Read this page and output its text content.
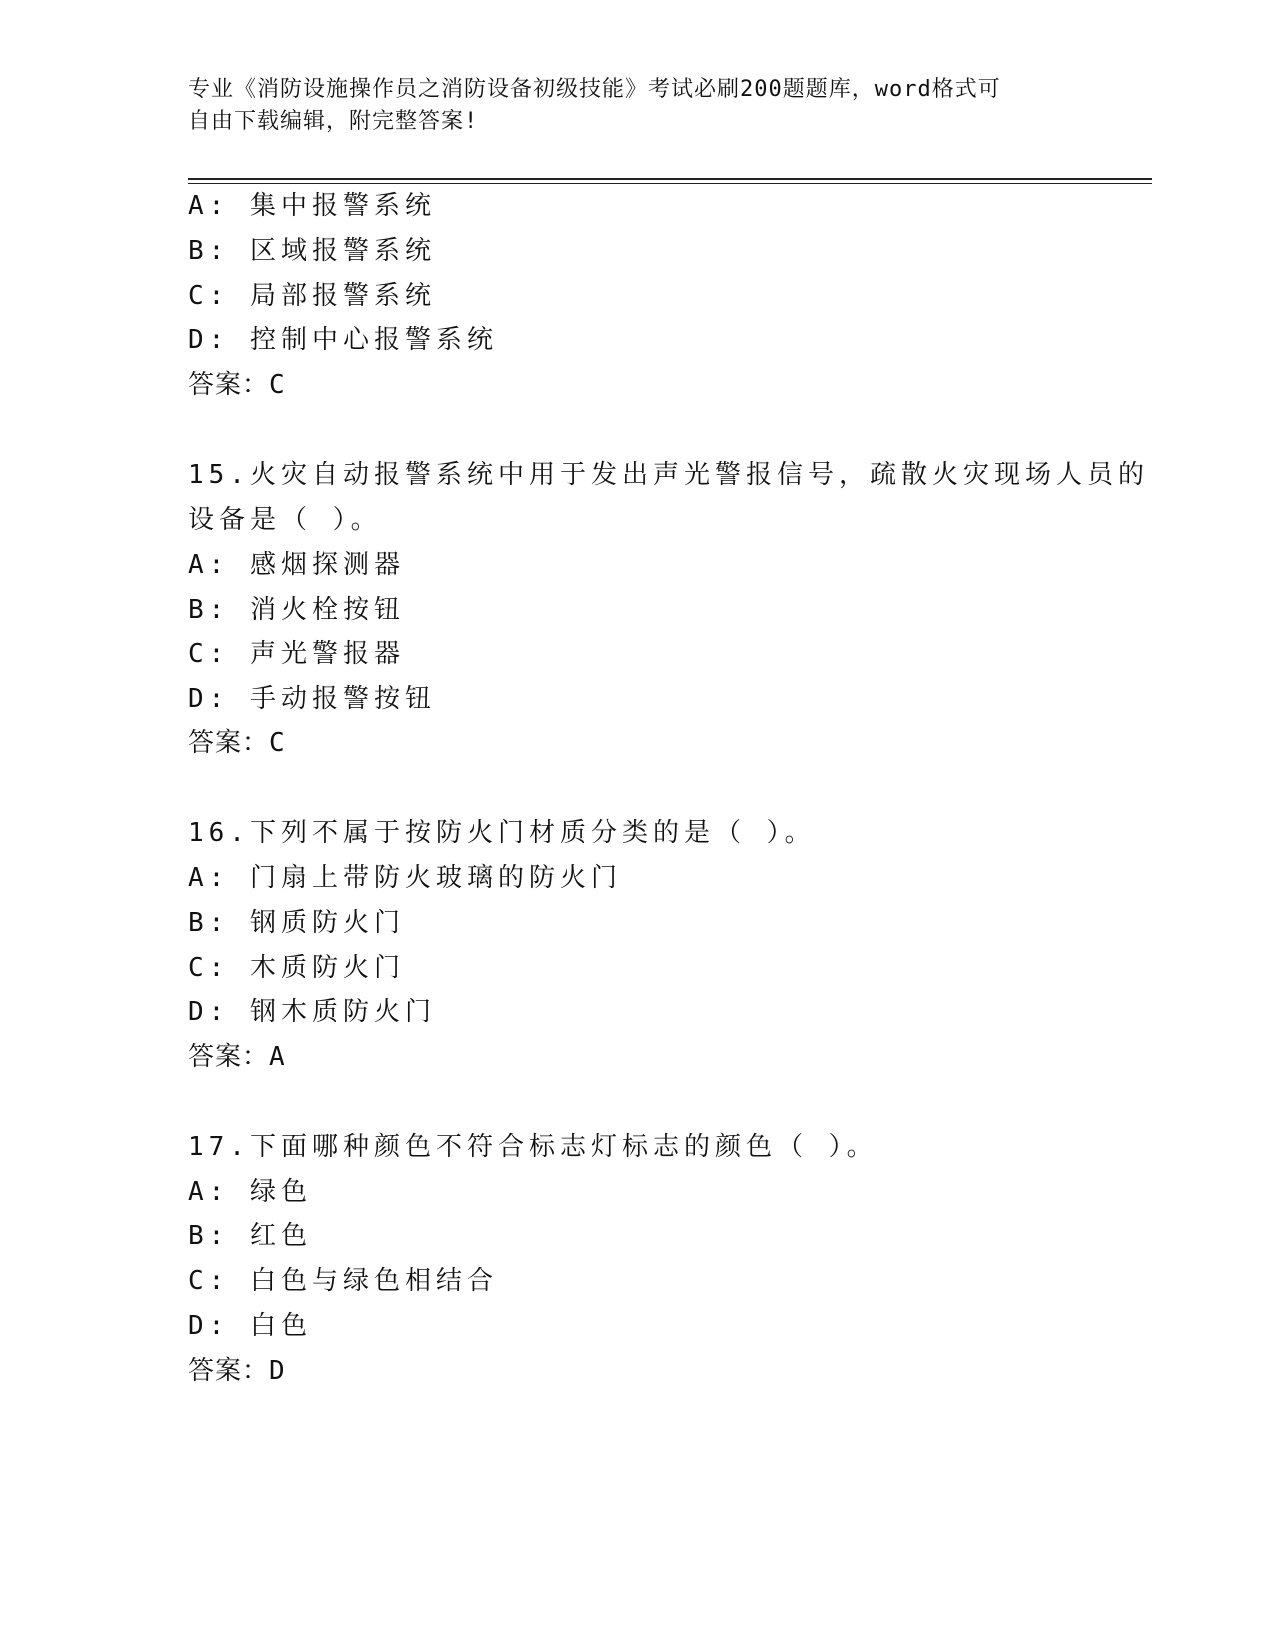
专业《消防设施操作员之消防设备初级技能》考试必刷200题题库，word格式可
自由下载编辑，附完整答案!
A: 集中报警系统
B: 区域报警系统
C: 局部报警系统
D: 控制中心报警系统
答案：C
15.火灾自动报警系统中用于发出声光警报信号，疏散火灾现场人员的
设备是（ ）。
A: 感烟探测器
B: 消火栓按钮
C: 声光警报器
D: 手动报警按钮
答案：C
16.下列不属于按防火门材质分类的是（ ）。
A: 门扇上带防火玻璃的防火门
B: 钢质防火门
C: 木质防火门
D: 钢木质防火门
答案：A
17.下面哪种颜色不符合标志灯标志的颜色（ ）。
A: 绿色
B: 红色
C: 白色与绿色相结合
D: 白色
答案：D
